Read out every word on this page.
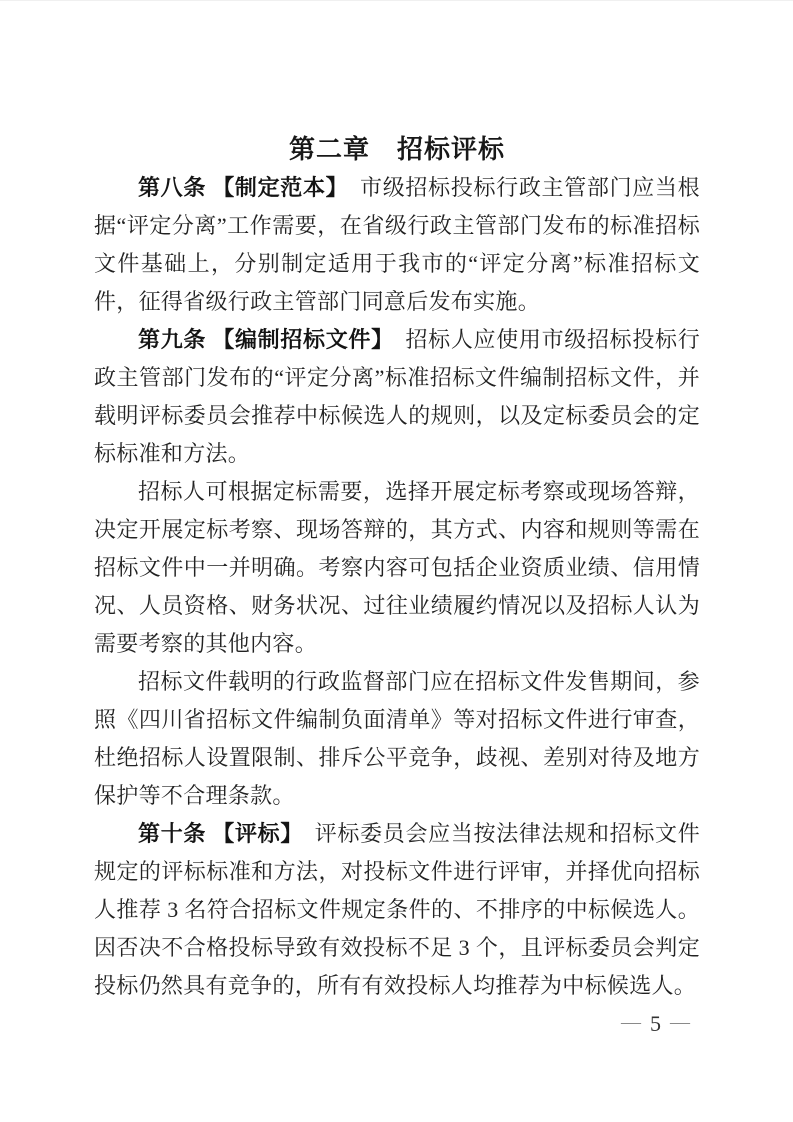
第二章　招标评标

第八条 【制定范本】　市级招标投标行政主管部门应当根据“评定分离”工作需要，在省级行政主管部门发布的标准招标文件基础上，分别制定适用于我市的“评定分离”标准招标文件，征得省级行政主管部门同意后发布实施。

第九条 【编制招标文件】　招标人应使用市级招标投标行政主管部门发布的“评定分离”标准招标文件编制招标文件，并载明评标委员会推荐中标候选人的规则，以及定标委员会的定标标准和方法。

招标人可根据定标需要，选择开展定标考察或现场答辩，决定开展定标考察、现场答辩的，其方式、内容和规则等需在招标文件中一并明确。考察内容可包括企业资质业绩、信用情况、人员资格、财务状况、过往业绩履约情况以及招标人认为需要考察的其他内容。

招标文件载明的行政监督部门应在招标文件发售期间，参照《四川省招标文件编制负面清单》等对招标文件进行审查，杜绝招标人设置限制、排斥公平竞争，歧视、差别对待及地方保护等不合理条款。

第十条 【评标】　评标委员会应当按法律法规和招标文件规定的评标标准和方法，对投标文件进行评审，并择优向招标人推荐 3 名符合招标文件规定条件的、不排序的中标候选人。因否决不合格投标导致有效投标不足 3 个，且评标委员会判定投标仍然具有竞争的，所有有效投标人均推荐为中标候选人。

— 5 —
